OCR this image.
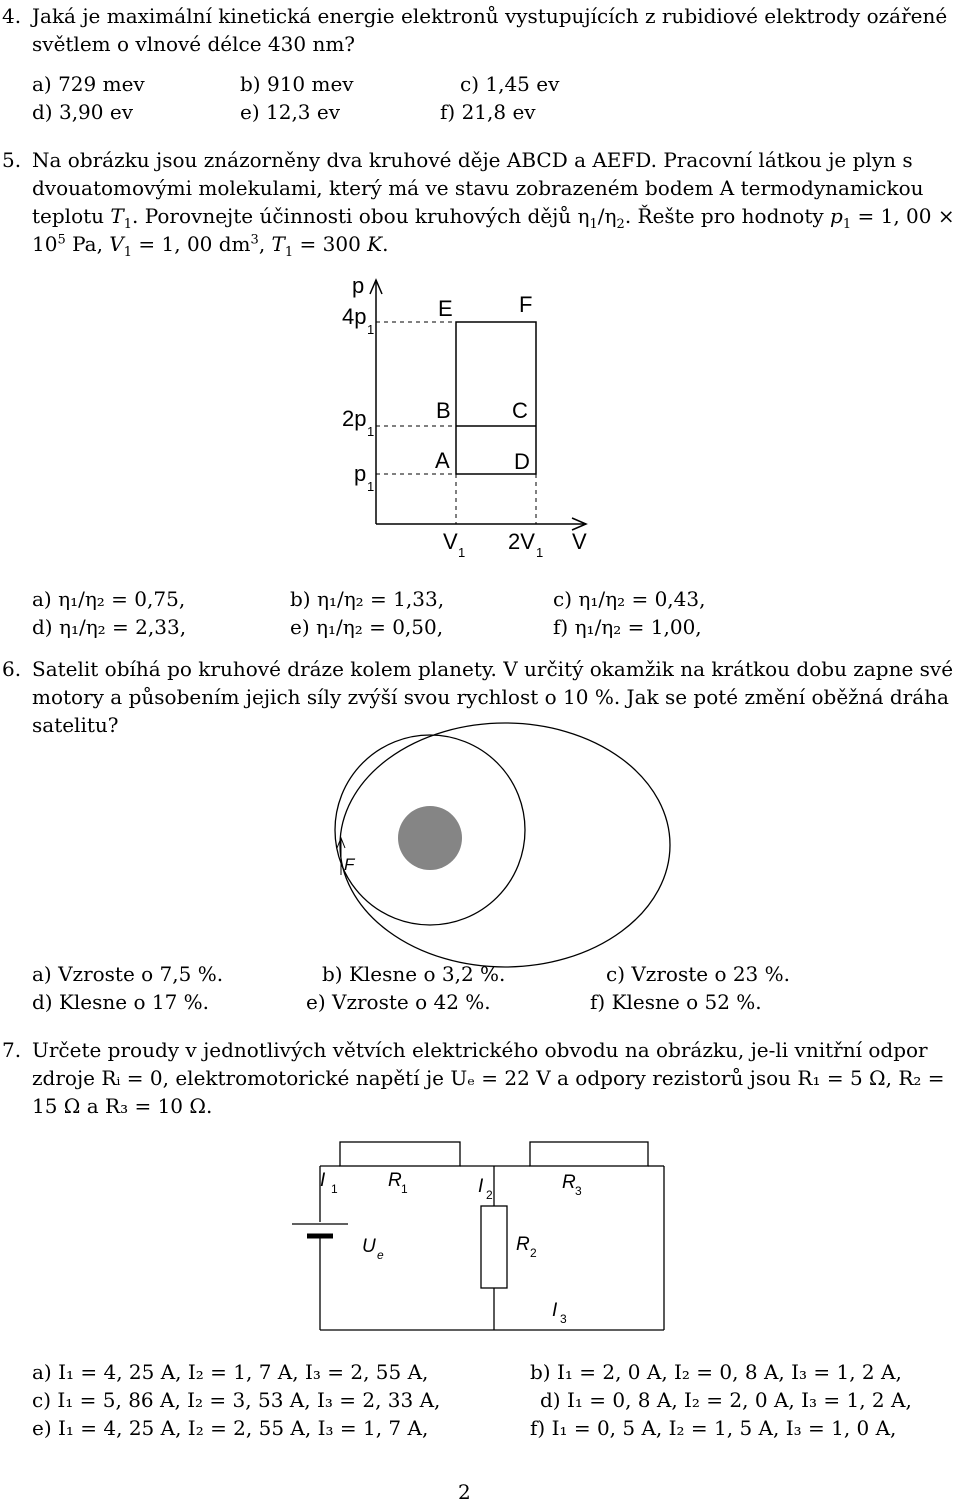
4. Jaká je maximální kinetická energie elektronů vystupujících z rubidiové elektrody ozářené světlem o vlnové délce 430 nm?
a) 729 mev	b) 910 mev	c) 1,45 ev
d) 3,90 ev	e) 12,3 ev	f) 21,8 ev
5. Na obrázku jsou znázorněny dva kruhové děje ABCD a AEFD. Pracovní látkou je plyn s dvouatomovými molekulami, který má ve stavu zobrazeném bodem A termodynamickou teplotu $T_1$. Porovnejte účinnosti obou kruhových dějů $\eta_1/\eta_2$. Řešte pro hodnoty $p_1 = 1$, $00 \times 10^5$ Pa, $V_1 = 1$, 00 $dm^3$, $T_1 = 300$ K.
p
4p
1
2p
1
p
1
E	F
B	C
A	D
V 1 2V 1 V
a) η₁/η₂ = 0,75,	b) η₁/η₂ = 1,33,	c) η₁/η₂ = 0,43,
d) η₁/η₂ = 2,33,	e) η₁/η₂ = 0,50,	f) η₁/η₂ = 1,00,
6. Satelit obíhá po kruhové dráze kolem planety. V určitý okamžik na krátkou dobu zapne své motory a působením jejich síly zvýší svou rychlost o 10 %. Jak se poté změní oběžná dráha satelitu?
F
a) Vzroste o 7,5 %.	b) Klesne o 3,2 %.	c) Vzroste o 23 %.
d) Klesne o 17 %.	e) Vzroste o 42 %.	f) Klesne o 52 %.
7. Určete proudy v jednotlivých větvích elektrického obvodu na obrázku, je-li vnitřní odpor zdroje Rᵢ = 0, elektromotorické napětí je Uₑ = 22 V a odpory rezistorů jsou R₁ = 5 Ω, R₂ = 15 Ω a R₃ = 10 Ω.
I 1	R 1	I 2
R 3
U e	R 2
I 3
a) I₁ = 4, 25 A, I₂ = 1, 7 A, I₃ = 2, 55 A,	b) I₁ = 2, 0 A, I₂ = 0, 8 A, I₃ = 1, 2 A,
c) I₁ = 5, 86 A, I₂ = 3, 53 A, I₃ = 2, 33 A,	d) I₁ = 0, 8 A, I₂ = 2, 0 A, I₃ = 1, 2 A,
e) I₁ = 4, 25 A, I₂ = 2, 55 A, I₃ = 1, 7 A,	f) I₁ = 0, 5 A, I₂ = 1, 5 A, I₃ = 1, 0 A,
2
